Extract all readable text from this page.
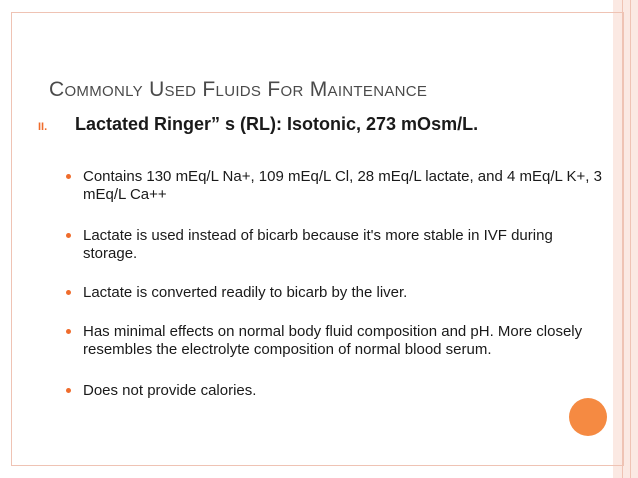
Commonly Used Fluids For Maintenance
II. Lactated Ringer” s (RL): Isotonic, 273 mOsm/L.
Contains 130 mEq/L Na+, 109 mEq/L Cl, 28 mEq/L lactate, and 4 mEq/L K+, 3 mEq/L Ca++
Lactate is used instead of bicarb because it's more stable in IVF during storage.
Lactate is converted readily to bicarb by the liver.
Has minimal effects on normal body fluid composition and pH. More closely resembles the electrolyte composition of normal blood serum.
Does not provide calories.
